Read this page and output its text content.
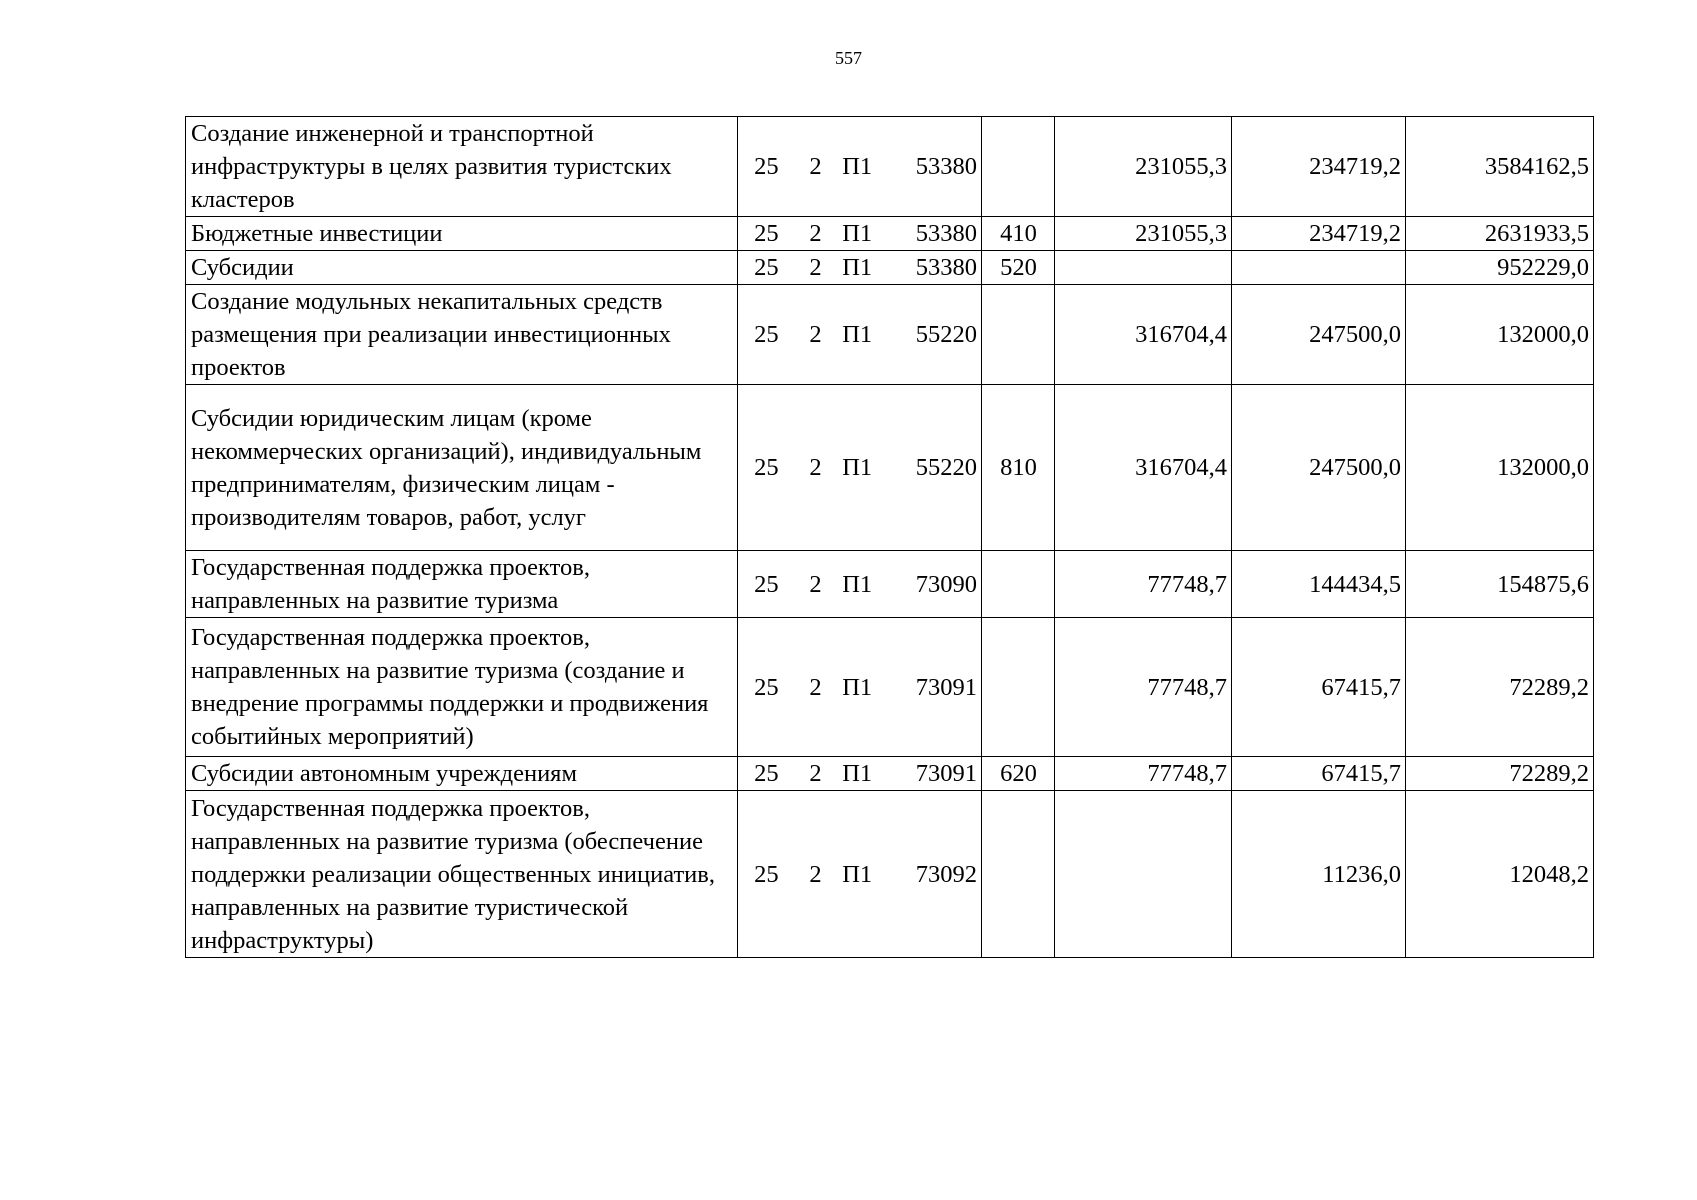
557
Создание инженерной и транспортной инфраструктуры в целях развития туристских кластеров	25 2 П1 53380		231055,3	234719,2	3584162,5
Бюджетные инвестиции	25 2 П1 53380	410	231055,3	234719,2	2631933,5
Субсидии	25 2 П1 53380	520			952229,0
Создание модульных некапитальных средств размещения при реализации инвестиционных проектов	25 2 П1 55220		316704,4	247500,0	132000,0
Субсидии юридическим лицам (кроме некоммерческих организаций), индивидуальным предпринимателям, физическим лицам - производителям товаров, работ, услуг	25 2 П1 55220	810	316704,4	247500,0	132000,0
Государственная поддержка проектов, направленных на развитие туризма	25 2 П1 73090		77748,7	144434,5	154875,6
Государственная поддержка проектов, направленных на развитие туризма (создание и внедрение программы поддержки и продвижения событийных мероприятий)	25 2 П1 73091		77748,7	67415,7	72289,2
Субсидии автономным учреждениям	25 2 П1 73091	620	77748,7	67415,7	72289,2
Государственная поддержка проектов, направленных на развитие туризма (обеспечение поддержки реализации общественных инициатив, направленных на развитие туристической инфраструктуры)	25 2 П1 73092			11236,0	12048,2
